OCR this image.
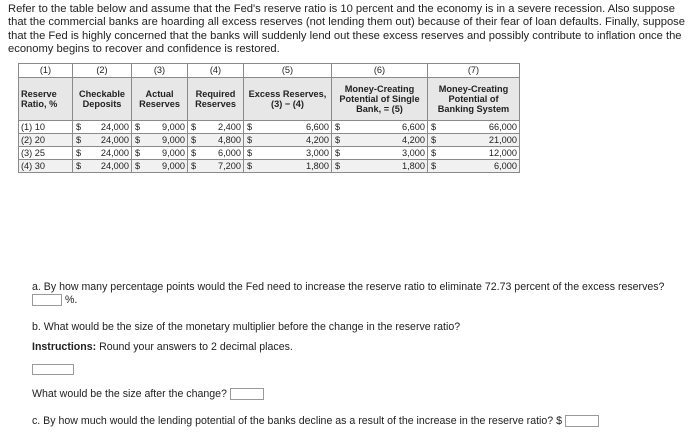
Refer to the table below and assume that the Fed's reserve ratio is 10 percent and the economy is in a severe recession. Also suppose that the commercial banks are hoarding all excess reserves (not lending them out) because of their fear of loan defaults. Finally, suppose that the Fed is highly concerned that the banks will suddenly lend out these excess reserves and possibly contribute to inflation once the economy begins to recover and confidence is restored.
(1)	(2)		(3)		(4)		(5)		(6)		(7)	
Reserve Ratio, %	Checkable Deposits		Actual Reserves		Required Reserves		Excess Reserves, (3) − (4)		Money-Creating Potential of Single Bank, = (5)		Money-Creating Potential of Banking System	
(1) 10	$	24,000	$	9,000	$	2,400	$	6,600	$	6,600	$	66,000
(2) 20	$	24,000	$	9,000	$	4,800	$	4,200	$	4,200	$	21,000
(3) 25	$	24,000	$	9,000	$	6,000	$	3,000	$	3,000	$	12,000
(4) 30	$	24,000	$	9,000	$	7,200	$	1,800	$	1,800	$	6,000
a. By how many percentage points would the Fed need to increase the reserve ratio to eliminate 72.73 percent of the excess reserves?
%.
b. What would be the size of the monetary multiplier before the change in the reserve ratio?
Instructions: Round your answers to 2 decimal places.
What would be the size after the change?
c. By how much would the lending potential of the banks decline as a result of the increase in the reserve ratio? $
